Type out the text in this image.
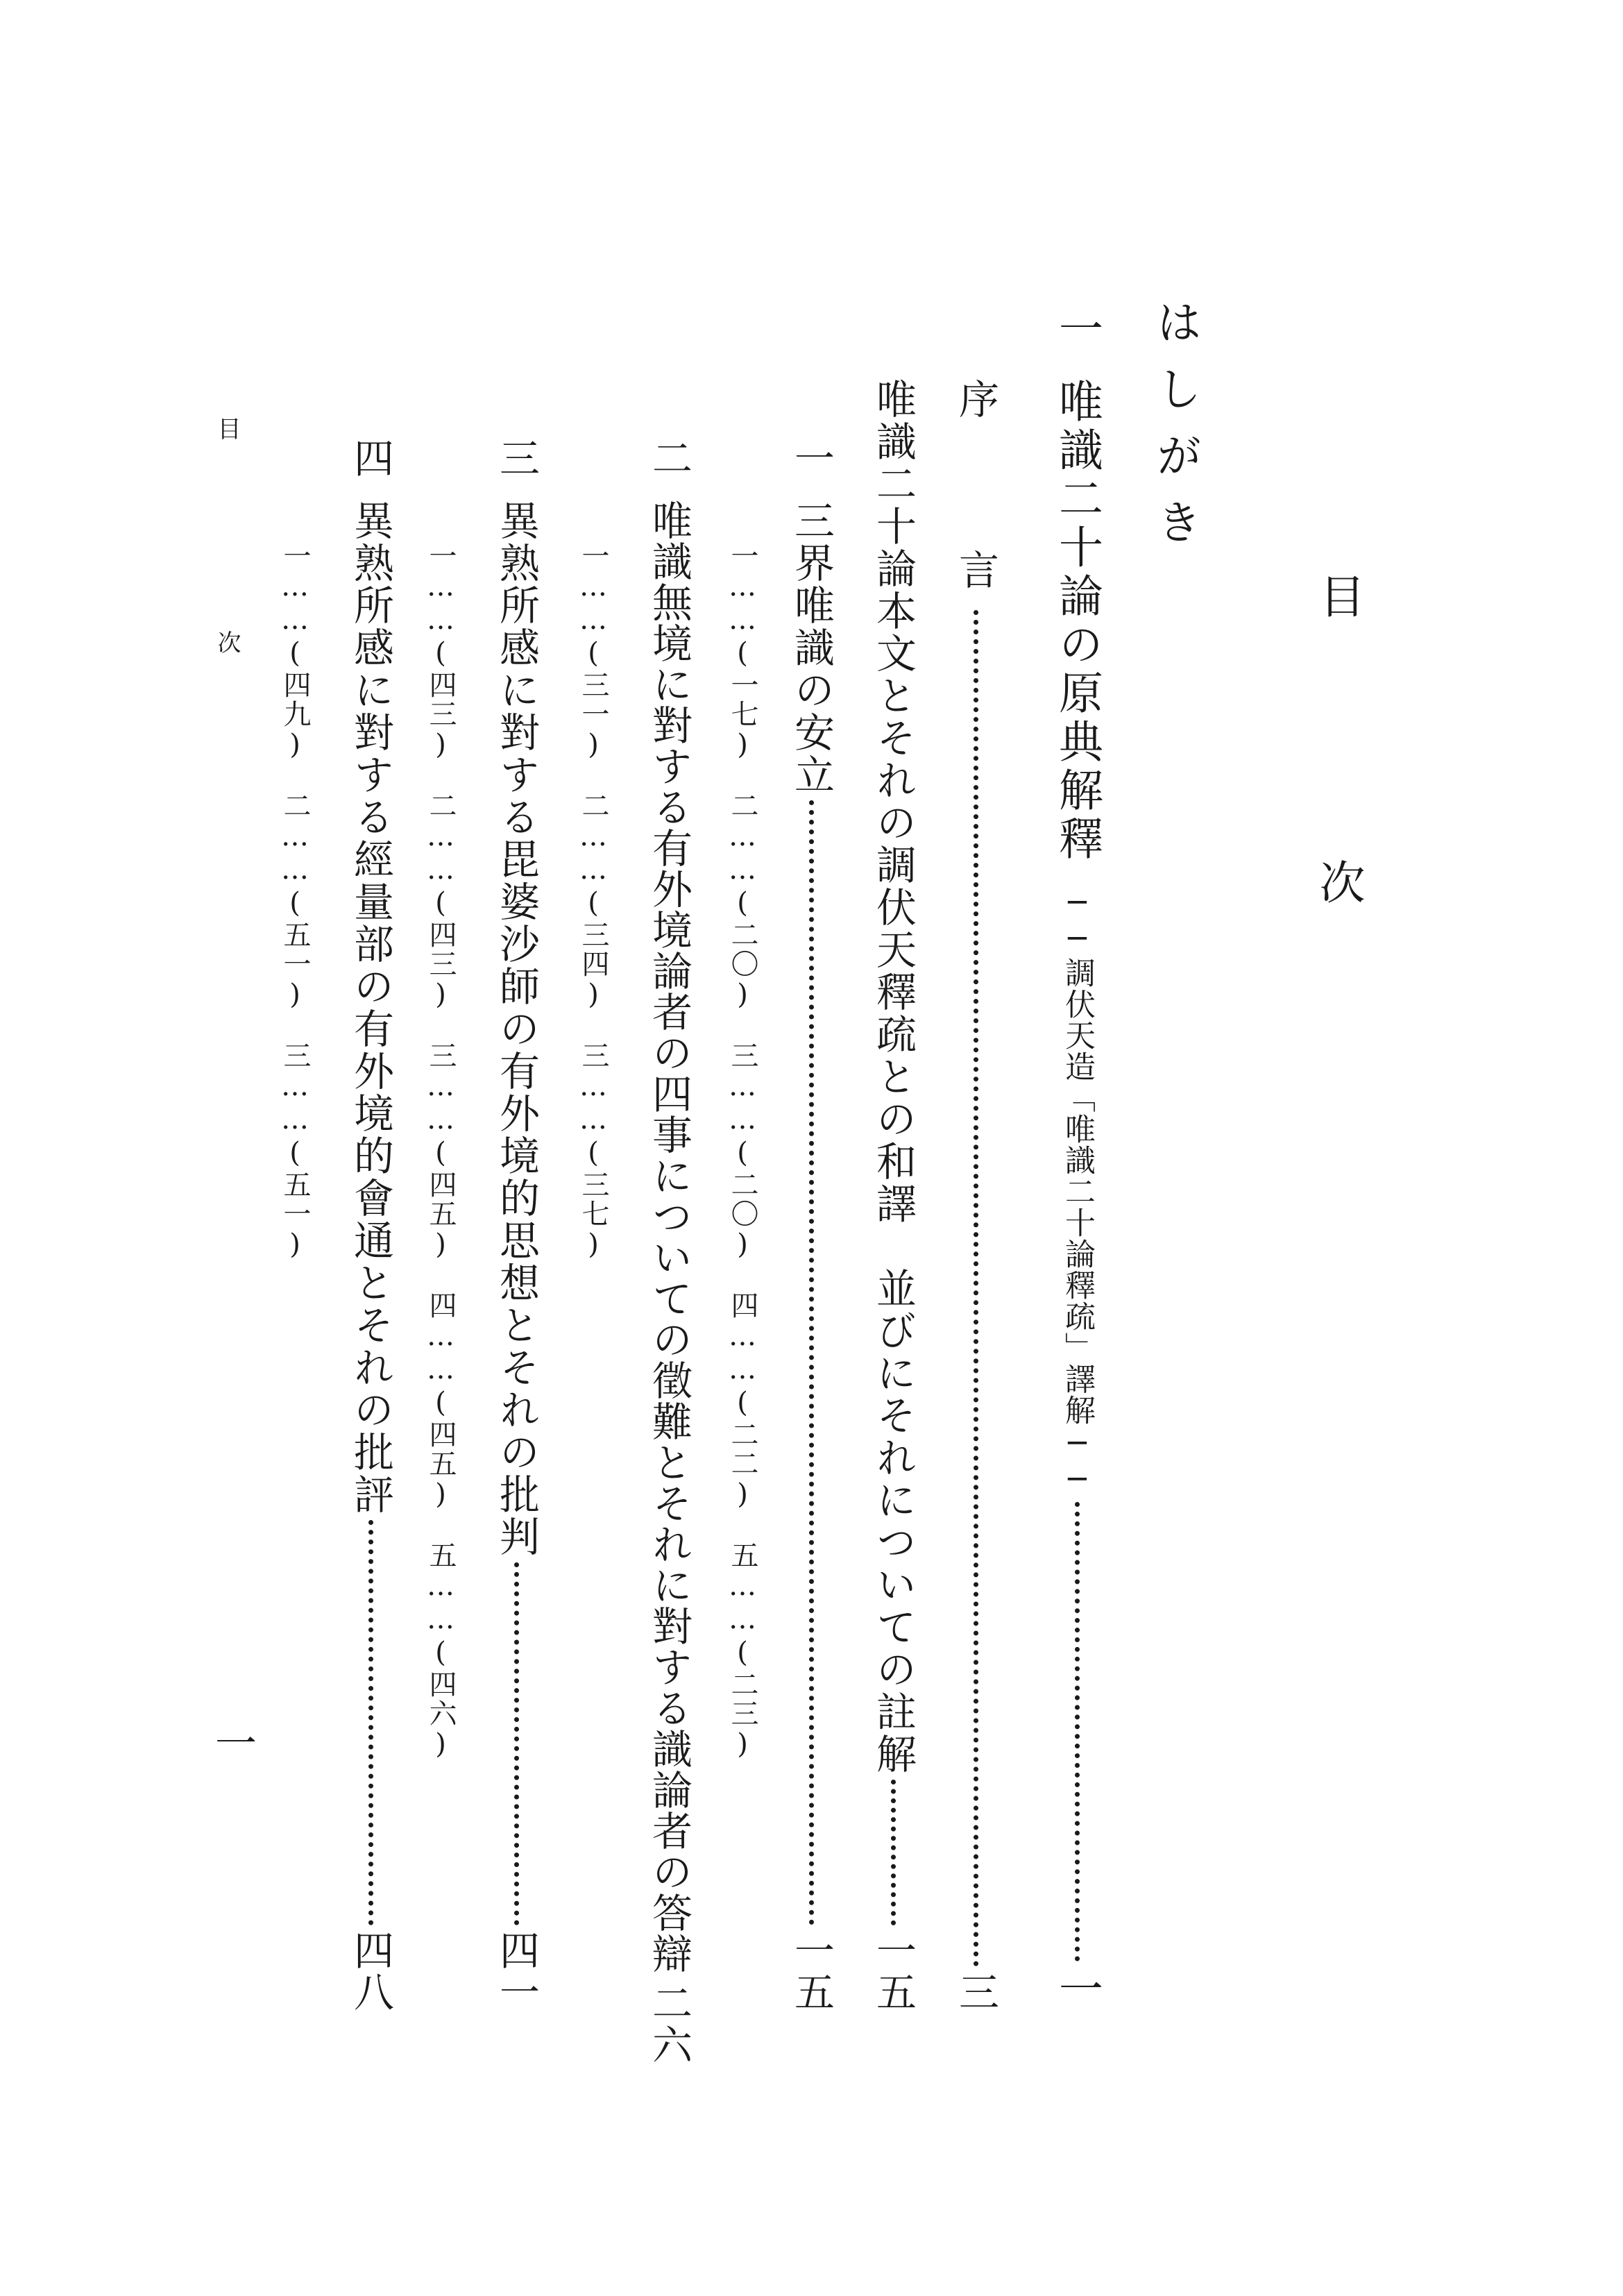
目　次
はしがき
一
唯識二十論の原典解釋
──調伏天造「唯識二十論釋疏」譯解──
一
序　　言
三
唯識二十論本文とそれの調伏天釋疏との和譯　並びにそれについての註解
一五
一
三界唯識の安立
一五
一……(一七)　二……(二〇)　三……(二〇)　四……(二二)　五……(二三)
二
唯識無境に對する有外境論者の四事についての徵難とそれに對する識論者の答辯
二六
一……(三一)　二……(三四)　三……(三七)
三
異熟所感に對する毘婆沙師の有外境的思想とそれの批判
四一
一……(四三)　二……(四三)　三……(四五)　四……(四五)　五……(四六)
四
異熟所感に對する經量部の有外境的會通とそれの批評
四八
一……(四九)　二……(五一)　三……(五一)
目　次
一
